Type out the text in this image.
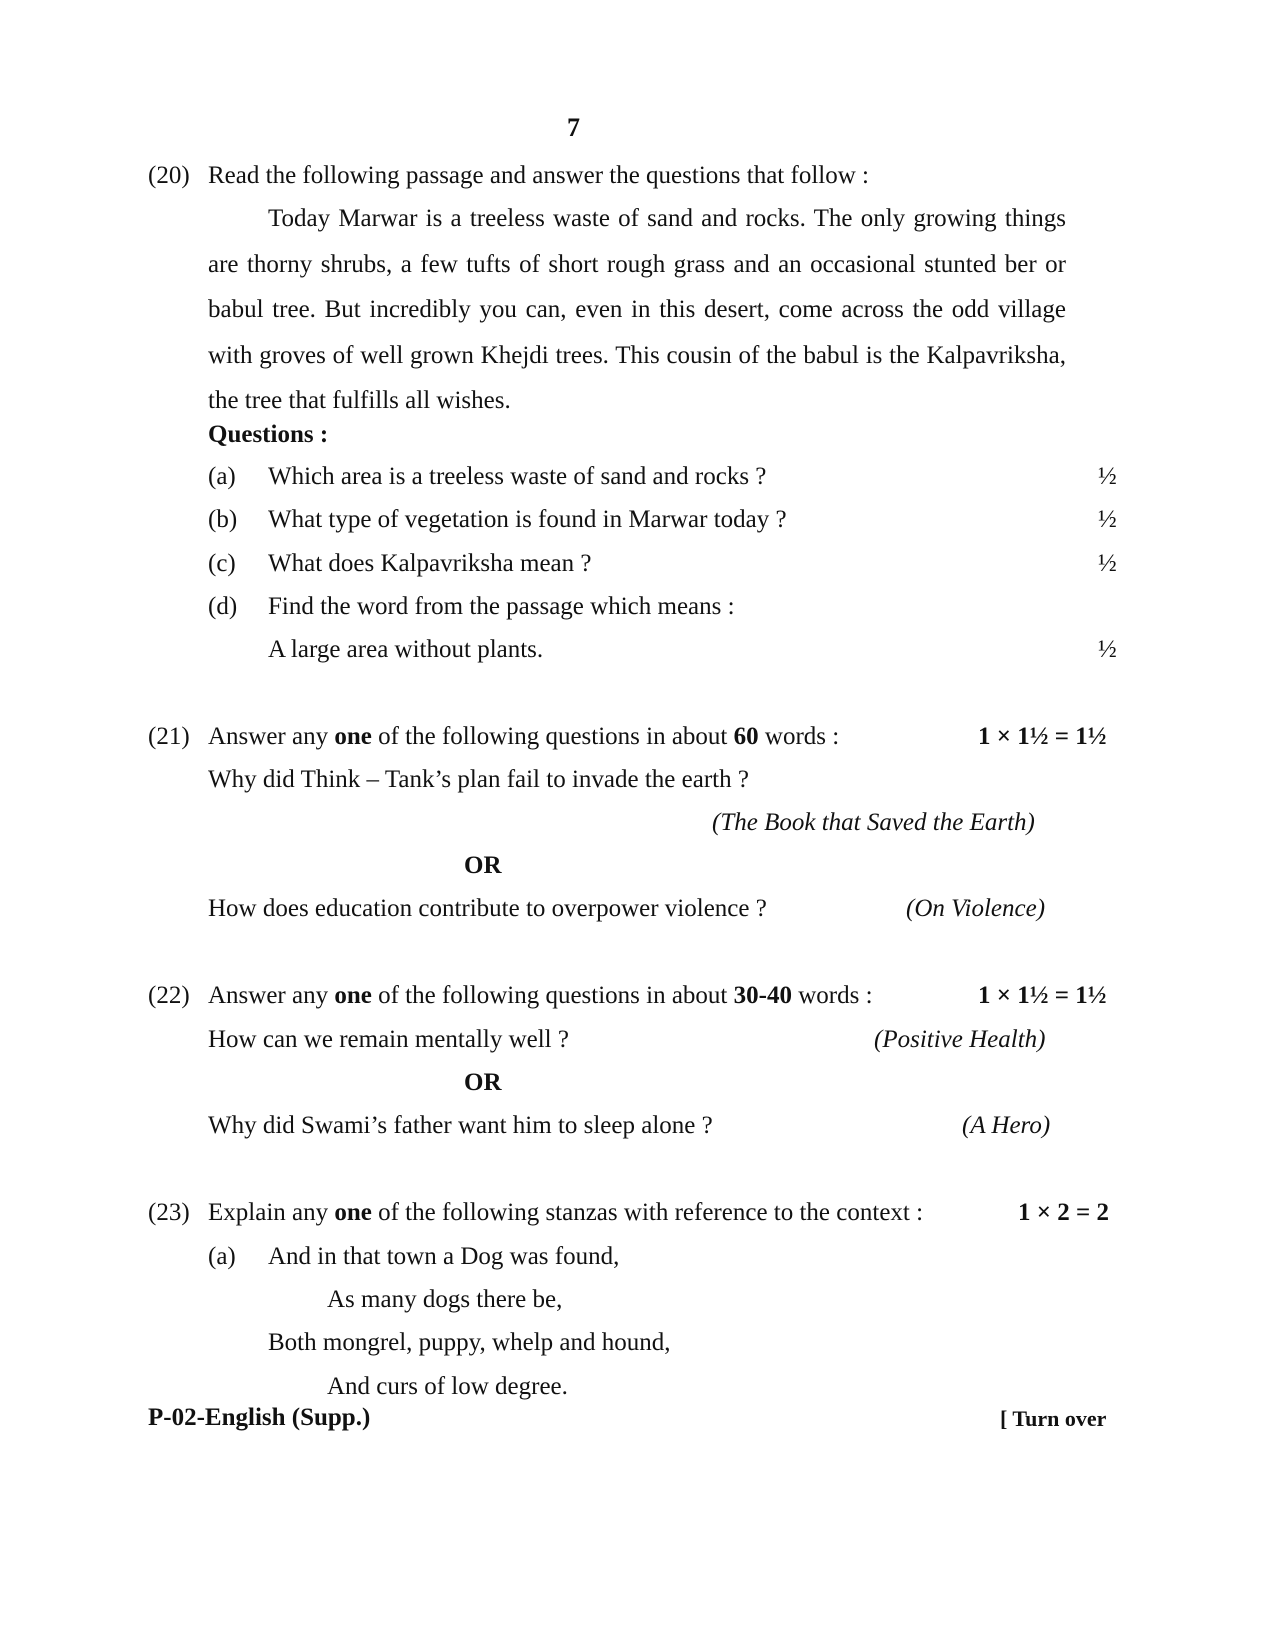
7
(20) Read the following passage and answer the questions that follow :
Today Marwar is a treeless waste of sand and rocks. The only growing things are thorny shrubs, a few tufts of short rough grass and an occasional stunted ber or babul tree. But incredibly you can, even in this desert, come across the odd village with groves of well grown Khejdi trees. This cousin of the babul is the Kalpavriksha, the tree that fulfills all wishes.
Questions :
(a) Which area is a treeless waste of sand and rocks ?	½
(b) What type of vegetation is found in Marwar today ?	½
(c) What does Kalpavriksha mean ?	½
(d) Find the word from the passage which means :
A large area without plants.	½
(21) Answer any one of the following questions in about 60 words :	1 × 1½ = 1½
Why did Think – Tank’s plan fail to invade the earth ?
(The Book that Saved the Earth)
OR
How does education contribute to overpower violence ?	(On Violence)
(22) Answer any one of the following questions in about 30-40 words :	1 × 1½ = 1½
How can we remain mentally well ?	(Positive Health)
OR
Why did Swami’s father want him to sleep alone ?	(A Hero)
(23) Explain any one of the following stanzas with reference to the context :	1 × 2 = 2
(a) And in that town a Dog was found,
As many dogs there be,
Both mongrel, puppy, whelp and hound,
And curs of low degree.
P-02-English (Supp.)	[ Turn over
